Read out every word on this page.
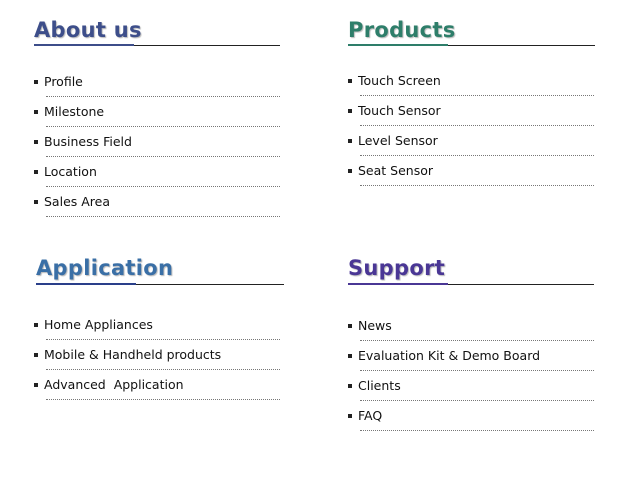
About us
Profile
Milestone
Business Field
Location
Sales Area
Products
Touch Screen
Touch Sensor
Level Sensor
Seat Sensor
Application
Home Appliances
Mobile & Handheld products
Advanced  Application
Support
News
Evaluation Kit & Demo Board
Clients
FAQ
